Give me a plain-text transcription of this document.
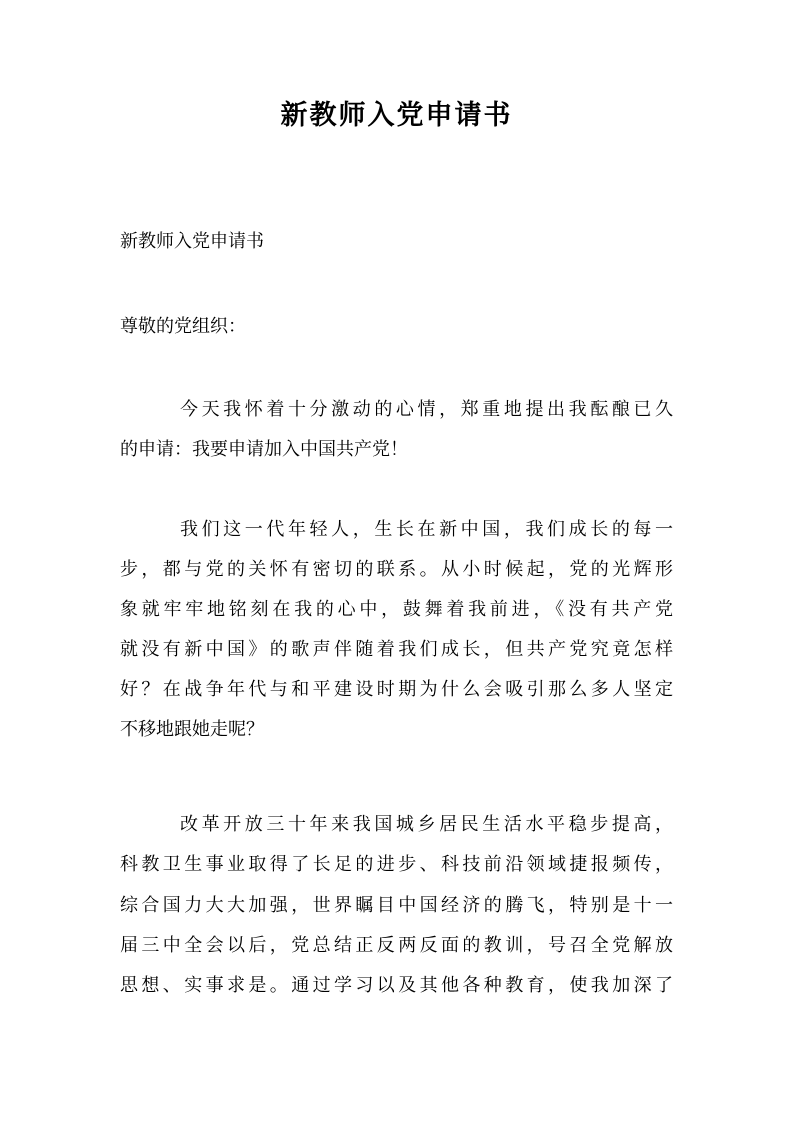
新教师入党申请书
新教师入党申请书
尊敬的党组织：
今天我怀着十分激动的心情，郑重地提出我酝酿已久
的申请：我要申请加入中国共产党！
我们这一代年轻人，生长在新中国，我们成长的每一
步，都与党的关怀有密切的联系。从小时候起，党的光辉形
象就牢牢地铭刻在我的心中，鼓舞着我前进，《没有共产党
就没有新中国》的歌声伴随着我们成长，但共产党究竟怎样
好？在战争年代与和平建设时期为什么会吸引那么多人坚定
不移地跟她走呢？
改革开放三十年来我国城乡居民生活水平稳步提高，
科教卫生事业取得了长足的进步、科技前沿领域捷报频传，
综合国力大大加强，世界瞩目中国经济的腾飞，特别是十一
届三中全会以后，党总结正反两反面的教训，号召全党解放
思想、实事求是。通过学习以及其他各种教育，使我加深了
